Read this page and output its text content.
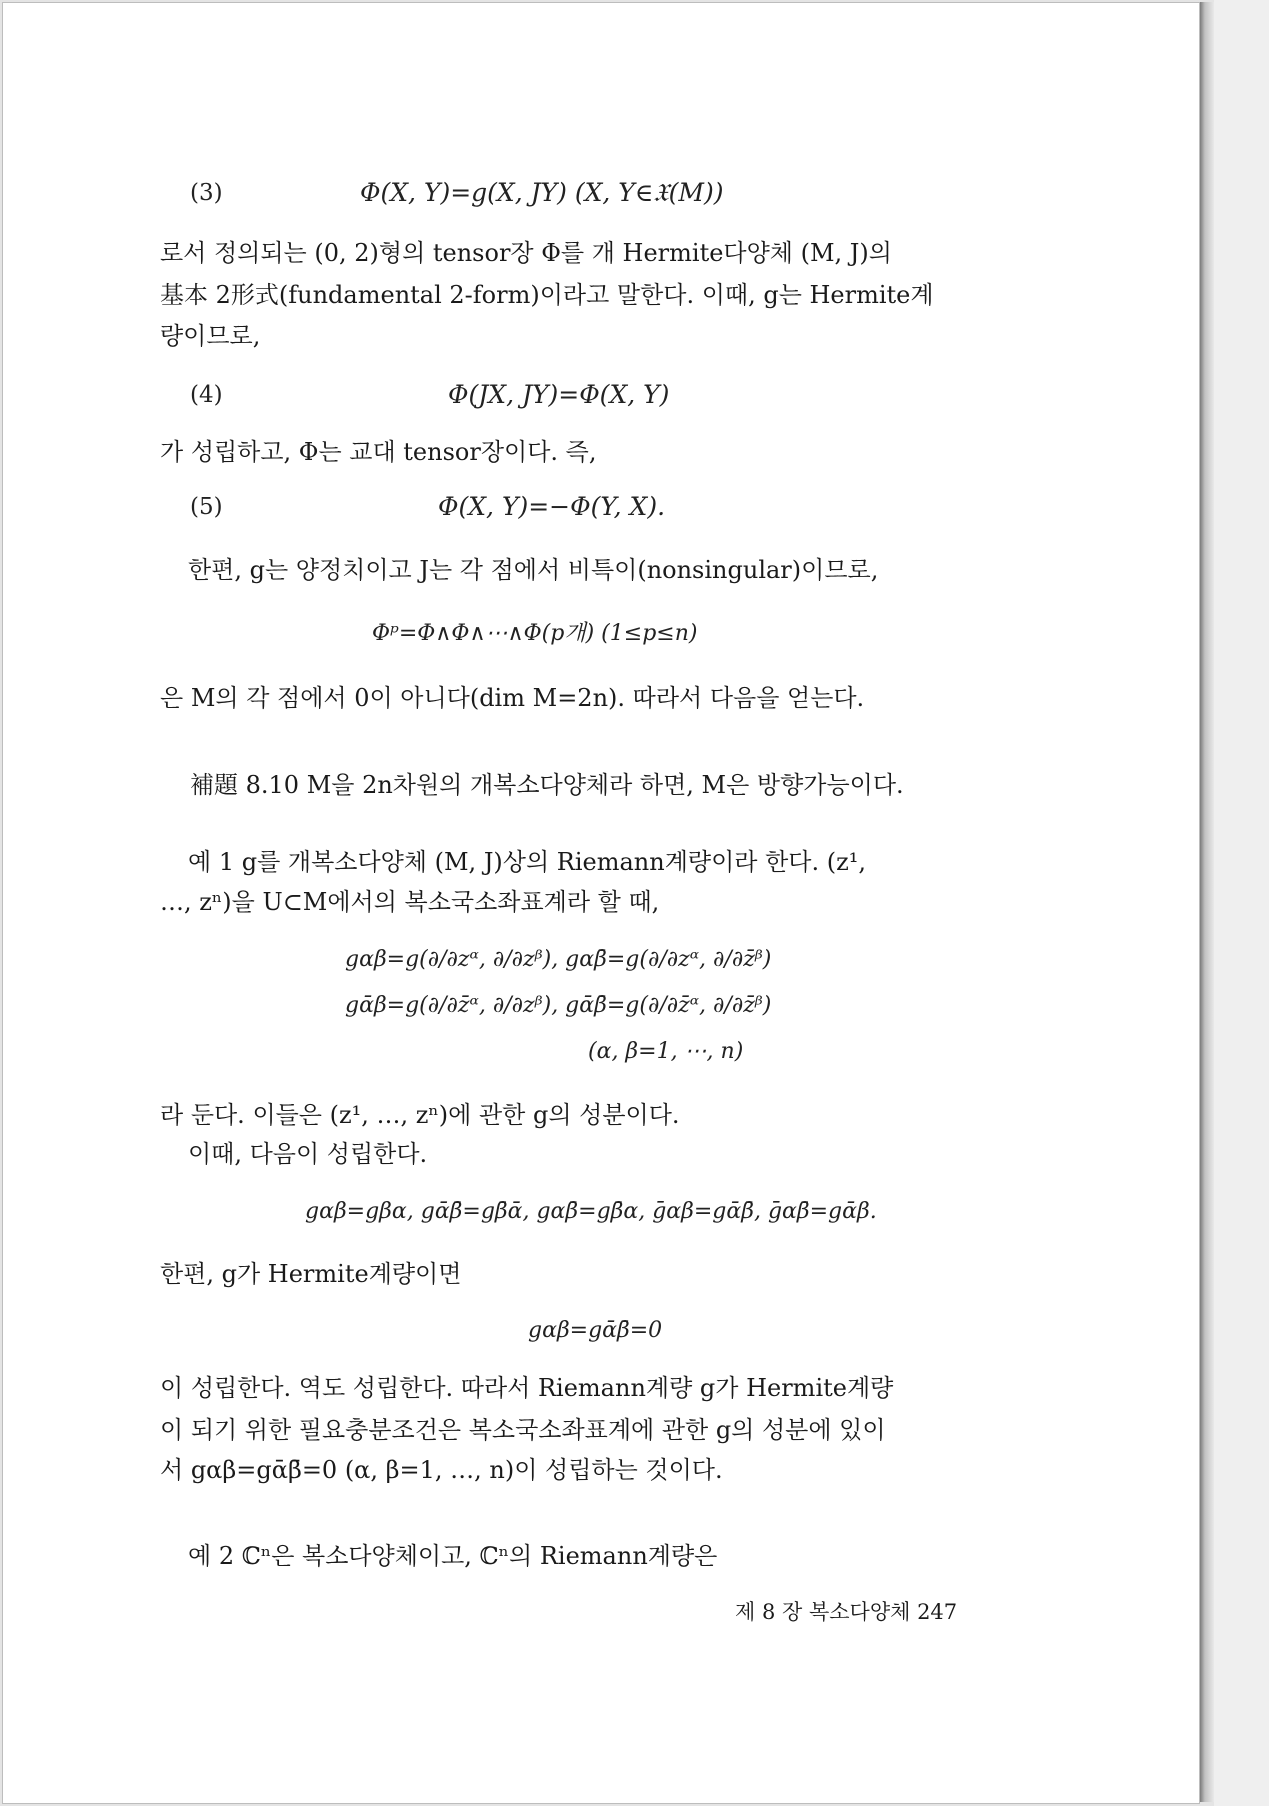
(3)	Φ(X, Y)=g(X, JY) (X, Y∈𝔛(M))
로서 정의되는 (0, 2)형의 tensor장 Φ를 개 Hermite다양체 (M, J)의
基本 2形式(fundamental 2-form)이라고 말한다. 이때, g는 Hermite계
량이므로,
(4)	Φ(JX, JY)=Φ(X, Y)
가 성립하고, Φ는 교대 tensor장이다. 즉,
(5)	Φ(X, Y)=−Φ(Y, X).
한편, g는 양정치이고 J는 각 점에서 비특이(nonsingular)이므로,
Φᵖ=Φ∧Φ∧⋯∧Φ(p개) (1≤p≤n)
은 M의 각 점에서 0이 아니다(dim M=2n). 따라서 다음을 얻는다.
補題 8.10 M을 2n차원의 개복소다양체라 하면, M은 방향가능이다.
예 1 g를 개복소다양체 (M, J)상의 Riemann계량이라 한다. (z¹,
…, zⁿ)을 U⊂M에서의 복소국소좌표계라 할 때,
gαβ=g(∂/∂zᵅ, ∂/∂zᵝ), gαβ̄=g(∂/∂zᵅ, ∂/∂z̄ᵝ)
gᾱβ=g(∂/∂z̄ᵅ, ∂/∂zᵝ), gᾱβ̄=g(∂/∂z̄ᵅ, ∂/∂z̄ᵝ)
(α, β=1, ⋯, n)
라 둔다. 이들은 (z¹, …, zⁿ)에 관한 g의 성분이다.
이때, 다음이 성립한다.
gαβ=gβα, gᾱβ̄=gβ̄ᾱ, gαβ̄=gβ̄α, ḡαβ=gᾱβ̄, ḡαβ̄=gᾱβ.
한편, g가 Hermite계량이면
gαβ=gᾱβ̄=0
이 성립한다. 역도 성립한다. 따라서 Riemann계량 g가 Hermite계량
이 되기 위한 필요충분조건은 복소국소좌표계에 관한 g의 성분에 있이
서 gαβ=gᾱβ̄=0 (α, β=1, …, n)이 성립하는 것이다.
예 2 ℂⁿ은 복소다양체이고, ℂⁿ의 Riemann계량은
제 8 장 복소다양체 247
